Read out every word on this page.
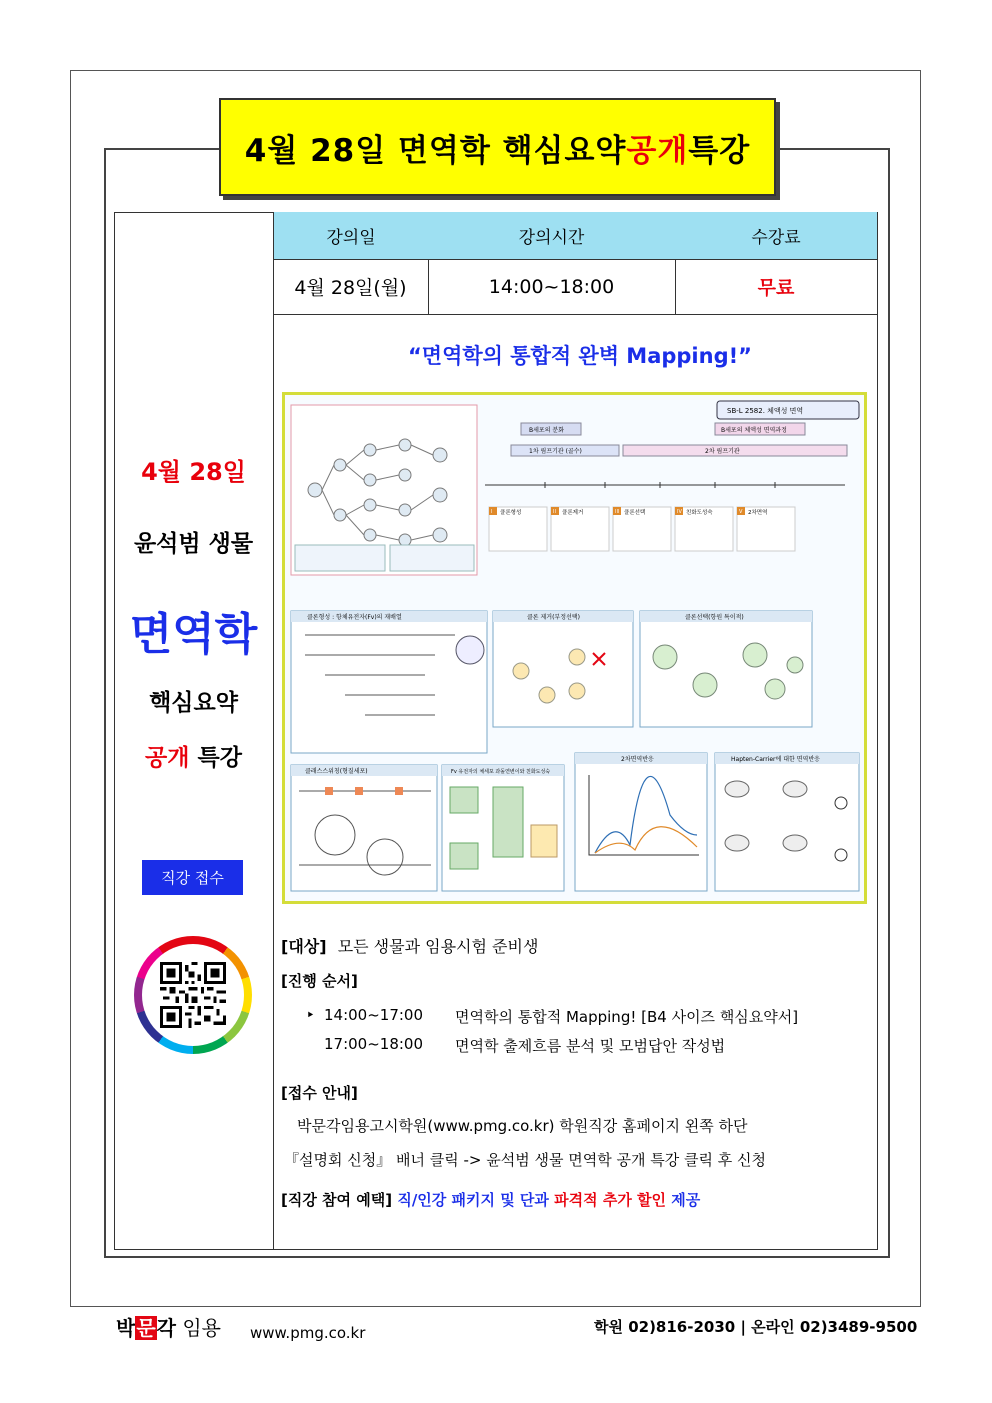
4월 28일 면역학 핵심요약 공개 특강
강의일	강의시간	수강료
4월 28일(월)	14:00~18:00	무료
4월 28일
윤석범 생물
면역학
핵심요약
공개 특강
직강 접수
“면역학의 통합적 완벽 Mapping!”
SB-L 2582. 체액성 면역
B세포의 분화	B세포의 체액성 면역과정
1차 림프기관 (골수)	2차 림프기관
I	II	III	IV	V
클론형성	클론제거	클론선택	친화도성숙	2차면역
클론형성 : 항체유전자(Fv)의 재배열	클론 제거(부정선택)	클론선택(항원 특이적)
클래스스위칭(형질세포)	Fv 유전자의 체세포 과돌연변이와 친화도성숙
2차면역반응	Hapten-Carrier에 대한 면역반응
[대상] 모든 생물과 임용시험 준비생
[진행 순서]
‣ 14:00~17:00 면역학의 통합적 Mapping! [B4 사이즈 핵심요약서]
17:00~18:00 면역학 출제흐름 분석 및 모범답안 작성법
[접수 안내]
박문각임용고시학원(www.pmg.co.kr) 학원직강 홈페이지 왼쪽 하단
『설명회 신청』 배너 클릭 -> 윤석범 생물 면역학 공개 특강 클릭 후 신청
[직강 참여 예택] 직/인강 패키지 및 단과 파격적 추가 할인 제공
박문각 임용 www.pmg.co.kr	학원 02)816-2030 | 온라인 02)3489-9500
